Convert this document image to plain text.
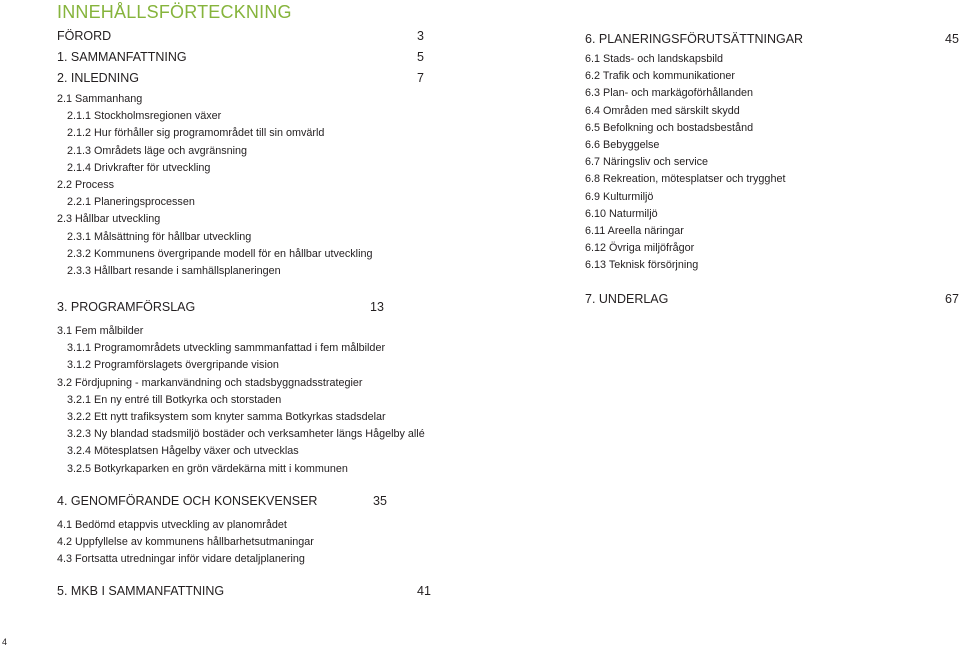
INNEHÅLLSFÖRTECKNING
FÖRORD	3
1. SAMMANFATTNING	5
2. INLEDNING	7
2.1 Sammanhang
2.1.1 Stockholmsregionen växer
2.1.2 Hur förhåller sig programområdet till sin omvärld
2.1.3 Områdets läge och avgränsning
2.1.4 Drivkrafter för utveckling
2.2 Process
2.2.1 Planeringsprocessen
2.3 Hållbar utveckling
2.3.1 Målsättning för hållbar utveckling
2.3.2 Kommunens övergripande modell för en hållbar utveckling
2.3.3 Hållbart resande i samhällsplaneringen
3. PROGRAMFÖRSLAG	13
3.1 Fem målbilder
3.1.1 Programområdets utveckling sammmanfattad i fem målbilder
3.1.2 Programförslagets övergripande vision
3.2 Fördjupning - markanvändning och stadsbyggnadsstrategier
3.2.1 En ny entré till Botkyrka och storstaden
3.2.2 Ett nytt trafiksystem som knyter samma Botkyrkas stadsdelar
3.2.3 Ny blandad stadsmiljö bostäder och verksamheter längs Hågelby allé
3.2.4 Mötesplatsen Hågelby växer och utvecklas
3.2.5 Botkyrkaparken en grön värdekärna mitt i kommunen
4. GENOMFÖRANDE OCH KONSEKVENSER	35
4.1 Bedömd etappvis utveckling av planområdet
4.2 Uppfyllelse av kommunens hållbarhetsutmaningar
4.3 Fortsatta utredningar inför vidare detaljplanering
5. MKB I SAMMANFATTNING	41
6. PLANERINGSFÖRUTSÄTTNINGAR	45
6.1 Stads- och landskapsbild
6.2 Trafik och kommunikationer
6.3 Plan- och markägoförhållanden
6.4 Områden med särskilt skydd
6.5 Befolkning och bostadsbestånd
6.6 Bebyggelse
6.7 Näringsliv och service
6.8 Rekreation, mötesplatser och trygghet
6.9 Kulturmiljö
6.10 Naturmiljö
6.11 Areella näringar
6.12 Övriga miljöfrågor
6.13 Teknisk försörjning
7. UNDERLAG	67
4
